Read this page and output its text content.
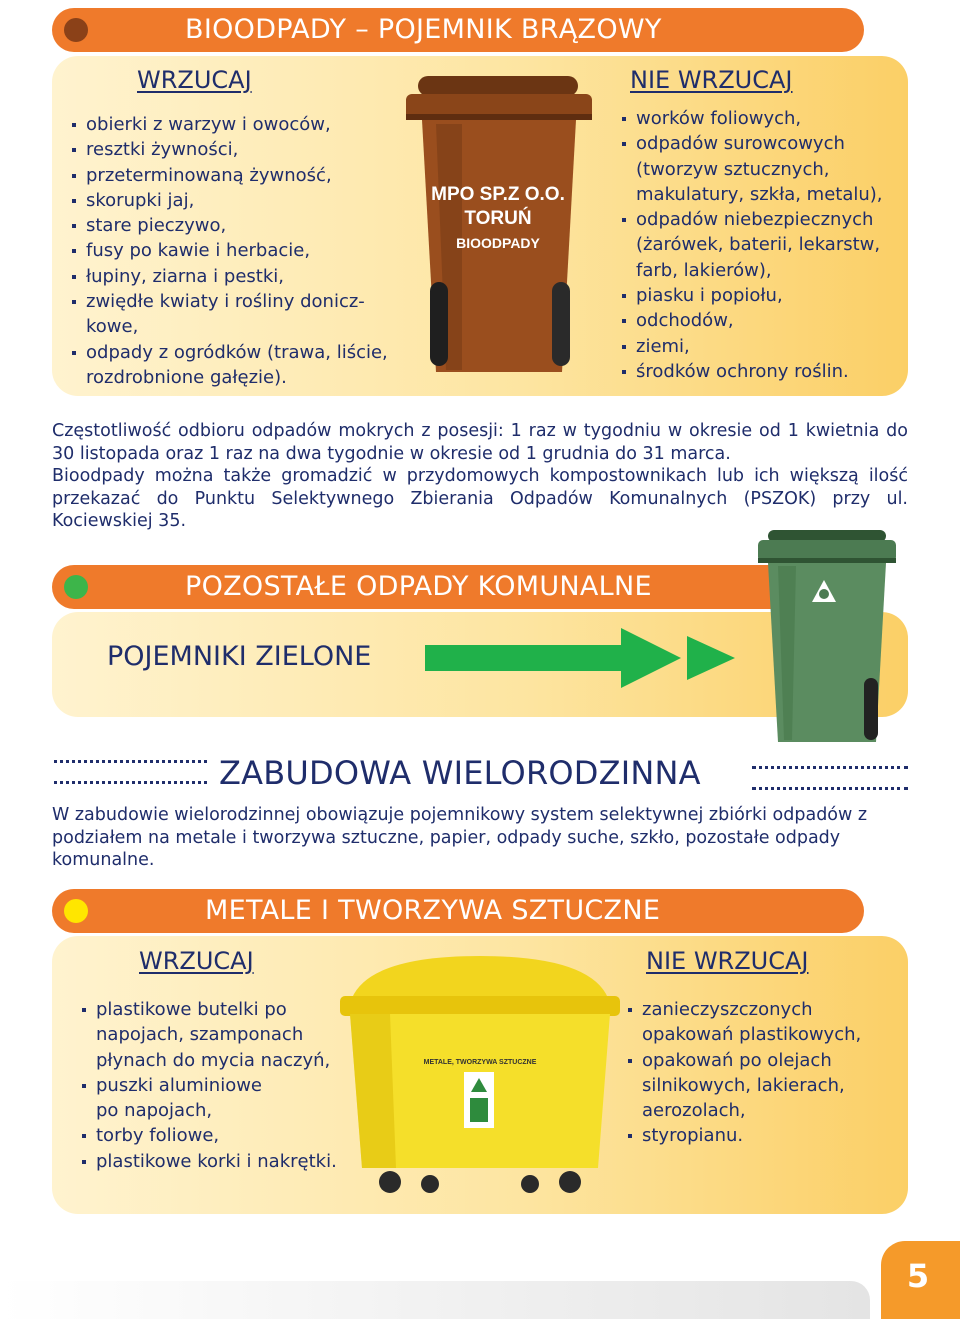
BIOODPADY – POJEMNIK BRĄZOWY
WRZUCAJ
obierki z warzyw i owoców,
resztki żywności,
przeterminowaną żywność,
skorupki jaj,
stare pieczywo,
fusy po kawie i herbacie,
łupiny, ziarna i pestki,
zwiędłe kwiaty i rośliny donicz-
kowe,
odpady z ogródków (trawa, liście,
rozdrobnione gałęzie).
NIE WRZUCAJ
worków foliowych,
odpadów surowcowych
(tworzyw sztucznych,
makulatury, szkła, metalu),
odpadów niebezpiecznych
(żarówek, baterii, lekarstw,
farb, lakierów),
piasku i popiołu,
odchodów,
ziemi,
środków ochrony roślin.
MPO SP.Z O.O.
TORUŃ
BIOODPADY
Częstotliwość odbioru odpadów mokrych z posesji: 1 raz w tygodniu w okresie od 1 kwietnia do 30 listopada oraz 1 raz na dwa tygodnie w okresie od 1 grudnia do 31 marca.
Bioodpady można także gromadzić w przydomowych kompostownikach lub ich większą ilość przekazać do Punktu Selektywnego Zbierania Odpadów Komunalnych (PSZOK) przy ul. Kociewskiej 35.
POZOSTAŁE ODPADY KOMUNALNE
POJEMNIKI ZIELONE
ZABUDOWA WIELORODZINNA
W zabudowie wielorodzinnej obowiązuje pojemnikowy system selektywnej zbiórki odpadów z podziałem na metale i tworzywa sztuczne, papier, odpady suche, szkło, pozostałe odpady komunalne.
METALE I TWORZYWA SZTUCZNE
WRZUCAJ
plastikowe butelki po
napojach, szamponach
płynach do mycia naczyń,
puszki aluminiowe
po napojach,
torby foliowe,
plastikowe korki i nakrętki.
NIE WRZUCAJ
zanieczyszczonych
opakowań plastikowych,
opakowań po olejach
silnikowych, lakierach,
aerozolach,
styropianu.
METALE, TWORZYWA SZTUCZNE
5
